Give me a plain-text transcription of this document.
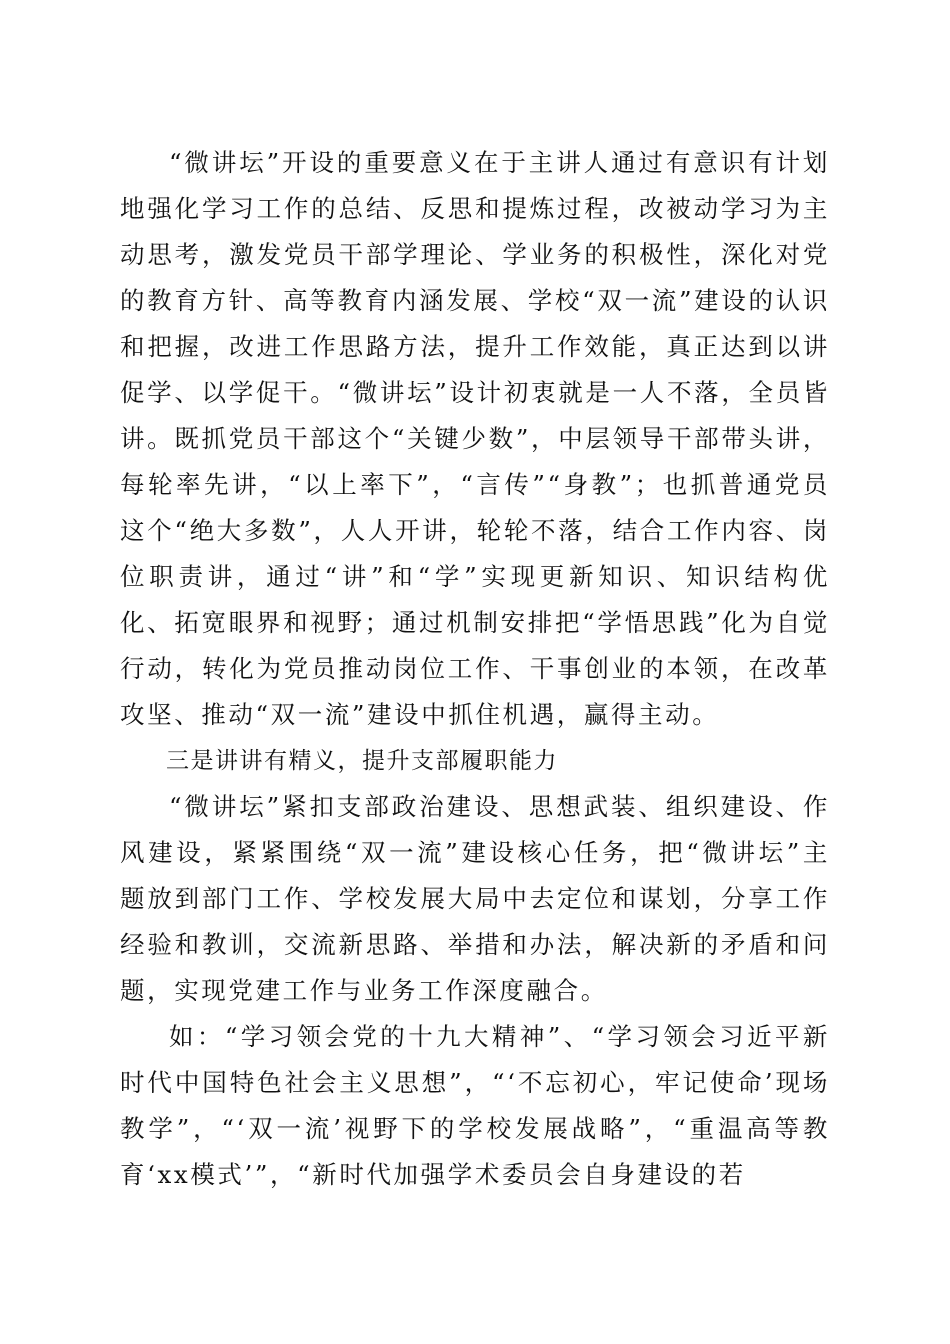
“微讲坛”开设的重要意义在于主讲人通过有意识有计划地强化学习工作的总结、反思和提炼过程，改被动学习为主动思考，激发党员干部学理论、学业务的积极性，深化对党的教育方针、高等教育内涵发展、学校“双一流”建设的认识和把握，改进工作思路方法，提升工作效能，真正达到以讲促学、以学促干。“微讲坛”设计初衷就是一人不落，全员皆讲。既抓党员干部这个“关键少数”，中层领导干部带头讲，每轮率先讲，“以上率下”，“言传”“身教”；也抓普通党员这个“绝大多数”，人人开讲，轮轮不落，结合工作内容、岗位职责讲，通过“讲”和“学”实现更新知识、知识结构优化、拓宽眼界和视野；通过机制安排把“学悟思践”化为自觉行动，转化为党员推动岗位工作、干事创业的本领，在改革攻坚、推动“双一流”建设中抓住机遇，赢得主动。

三是讲讲有精义，提升支部履职能力

“微讲坛”紧扣支部政治建设、思想武装、组织建设、作风建设，紧紧围绕“双一流”建设核心任务，把“微讲坛”主题放到部门工作、学校发展大局中去定位和谋划，分享工作经验和教训，交流新思路、举措和办法，解决新的矛盾和问题，实现党建工作与业务工作深度融合。

如：“学习领会党的十九大精神”、“学习领会习近平新时代中国特色社会主义思想”，“‘不忘初心，牢记使命’现场教学”，“‘双一流’视野下的学校发展战略”，“重温高等教育‘xx模式’”，“新时代加强学术委员会自身建设的若
